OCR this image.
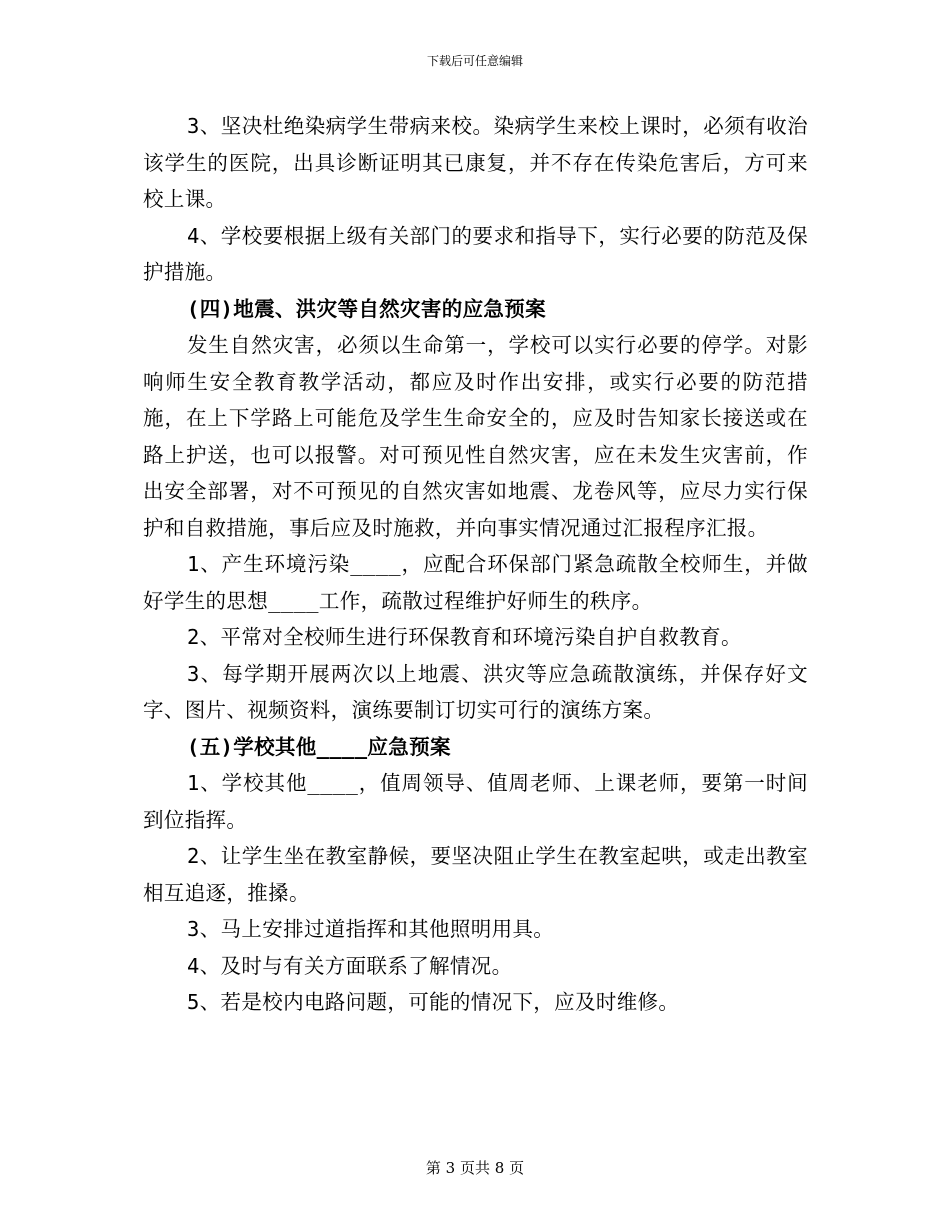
下载后可任意编辑

3、坚决杜绝染病学生带病来校。染病学生来校上课时，必须有收治该学生的医院，出具诊断证明其已康复，并不存在传染危害后，方可来校上课。

4、学校要根据上级有关部门的要求和指导下，实行必要的防范及保护措施。

(四)地震、洪灾等自然灾害的应急预案

发生自然灾害，必须以生命第一，学校可以实行必要的停学。对影响师生安全教育教学活动，都应及时作出安排，或实行必要的防范措施，在上下学路上可能危及学生生命安全的，应及时告知家长接送或在路上护送，也可以报警。对可预见性自然灾害，应在未发生灾害前，作出安全部署，对不可预见的自然灾害如地震、龙卷风等，应尽力实行保护和自救措施，事后应及时施救，并向事实情况通过汇报程序汇报。

1、产生环境污染____，应配合环保部门紧急疏散全校师生，并做好学生的思想____工作，疏散过程维护好师生的秩序。

2、平常对全校师生进行环保教育和环境污染自护自救教育。

3、每学期开展两次以上地震、洪灾等应急疏散演练，并保存好文字、图片、视频资料，演练要制订切实可行的演练方案。

(五)学校其他____应急预案

1、学校其他____，值周领导、值周老师、上课老师，要第一时间到位指挥。

2、让学生坐在教室静候，要坚决阻止学生在教室起哄，或走出教室相互追逐，推搡。

3、马上安排过道指挥和其他照明用具。

4、及时与有关方面联系了解情况。

5、若是校内电路问题，可能的情况下，应及时维修。

第 3 页共 8 页
